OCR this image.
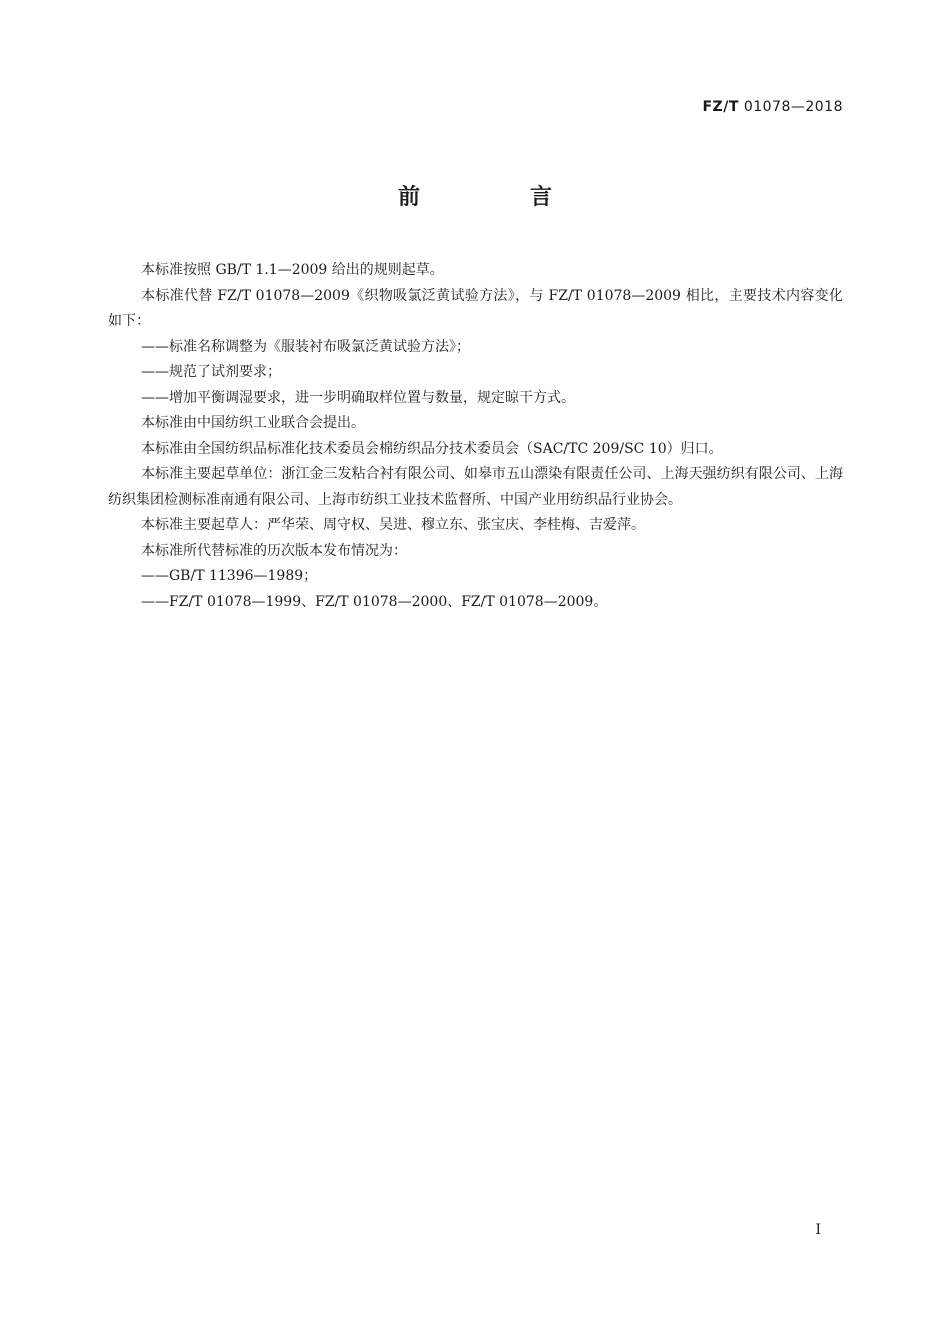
FZ/T 01078—2018
前　言

本标准按照 GB/T 1.1—2009 给出的规则起草。

本标准代替 FZ/T 01078—2009《织物吸氯泛黄试验方法》，与 FZ/T 01078—2009 相比，主要技术内容变化如下：

——标准名称调整为《服装衬布吸氯泛黄试验方法》；

——规范了试剂要求；

——增加平衡调湿要求，进一步明确取样位置与数量，规定晾干方式。

本标准由中国纺织工业联合会提出。

本标准由全国纺织品标准化技术委员会棉纺织品分技术委员会（SAC/TC 209/SC 10）归口。

本标准主要起草单位：浙江金三发粘合衬有限公司、如皋市五山漂染有限责任公司、上海天强纺织有限公司、上海纺织集团检测标准南通有限公司、上海市纺织工业技术监督所、中国产业用纺织品行业协会。

本标准主要起草人：严华荣、周守权、吴进、穆立东、张宝庆、李桂梅、吉爱萍。

本标准所代替标准的历次版本发布情况为：

——GB/T 11396—1989；

——FZ/T 01078—1999、FZ/T 01078—2000、FZ/T 01078—2009。

I
